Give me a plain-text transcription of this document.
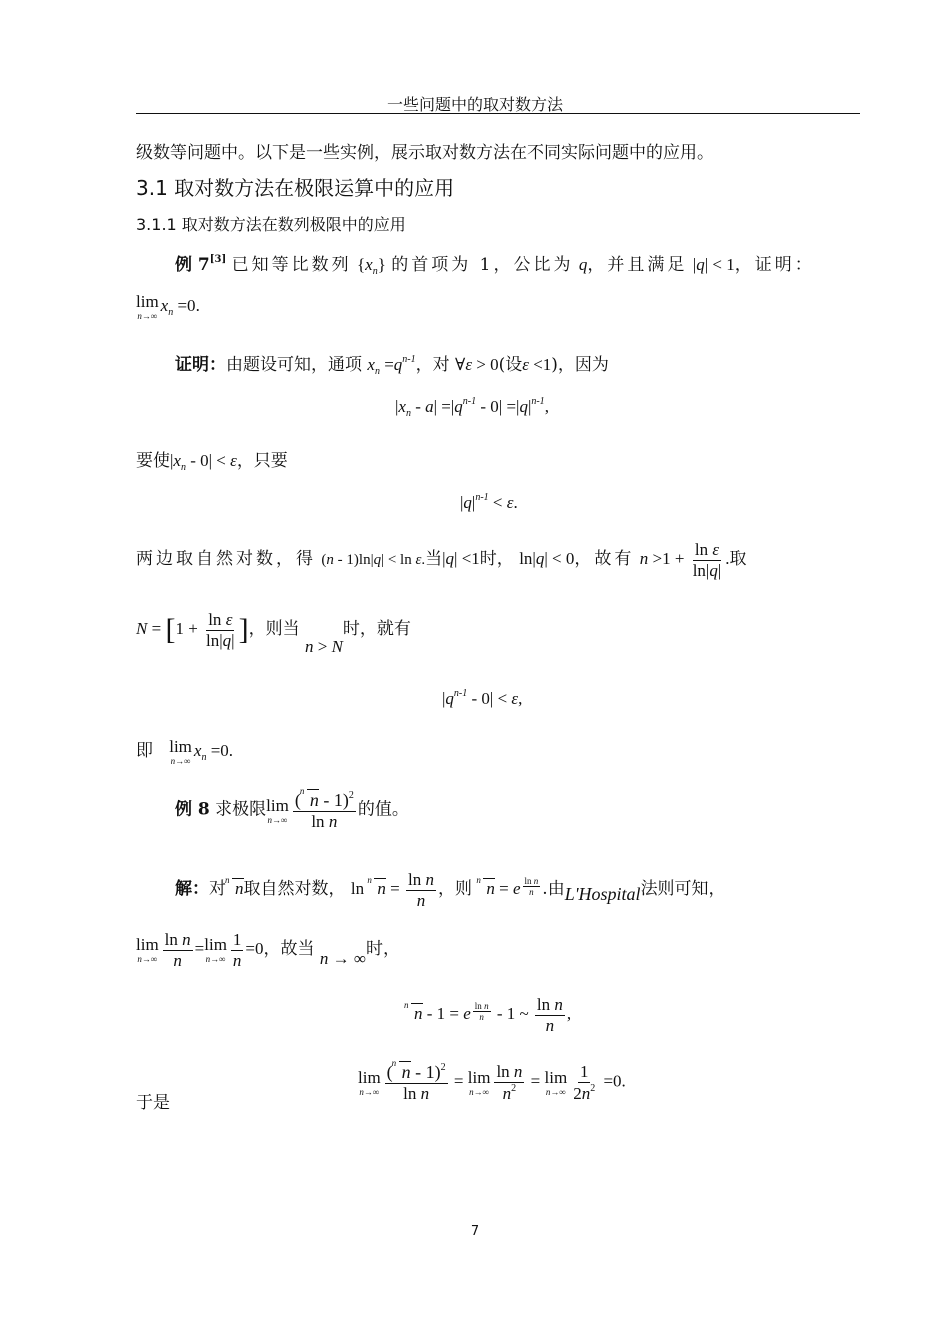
一些问题中的取对数方法
级数等问题中。以下是一些实例，展示取对数方法在不同实际问题中的应用。
3.1 取对数方法在极限运算中的应用
3.1.1 取对数方法在数列极限中的应用
例 7[3] 已知等比数列 $\{x_n\}$ 的首项为 1，公比为 q，并且满足 |q| < 1，证明：
lim
n→∞
$x_n =0$.
证明：由题设可知，通项 $x_n =q^{n-1}$，对 ∀ε > 0(设ε <1)，因为
$|x_n - a| =|q^{n-1} - 0| =|q|^{n-1}$,
要使$|x_n - 0| < \varepsilon$，只要
$|q|^{n-1} < \varepsilon$.
两边取自然对数，得 (n - 1)ln|q| < ln ε.当|q| <1时， ln|q| < 0，故有 $n >1 + \frac{\text{ln ε}}{\ln|q|}$ .取
$N = [1 + \frac{\text{ln ε}}{\ln|q|}$ ]，则当 n > N时，就有
$|q^{n-1} - 0| < \varepsilon$,
即 lim
n→∞
$x_n =0$.
例 8 求极限 lim
$n\to\infty \frac{( n n - 1)^2}{\text{ln n}}$ 的值。
解：对 n n取自然对数， ln n $n = \frac{\text{ln n}}{n}$ ，则 n n = e $\frac{\text{ln n}}{n}$ .由L'Hospital法则可知，
lim
$n\to\infty \frac{\text{ln n}}{n} = \lim$
$n\to\infty \frac{1}{n} =0$，故当 n → ∞时，
n n - 1 = e $\frac{\text{ln n}}{n} - 1$ ~ $\frac{\text{ln n}}{n}$ ,
于是
lim
$n\to\infty \frac{( n n - 1)^2}{\text{ln n}} = \lim$
$n\to\infty \frac{\text{ln n}}{n^2} = \lim$
$n\to\infty \frac{1}{2n^2} =0$.
7
